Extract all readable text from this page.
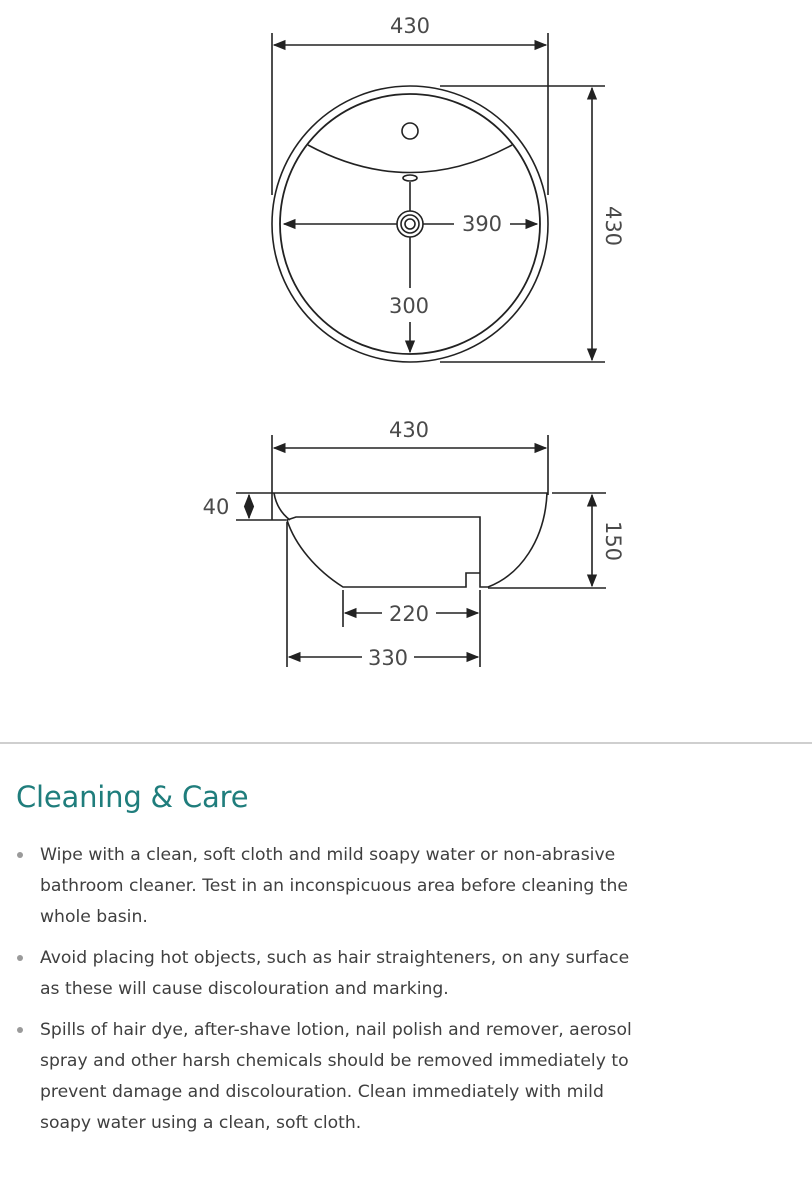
430
390
300
430
430
40
150
220
330
Cleaning & Care
Wipe with a clean, soft cloth and mild soapy water or non-abrasive bathroom cleaner. Test in an inconspicuous area before cleaning the whole basin.
Avoid placing hot objects, such as hair straighteners, on any surface as these will cause discolouration and marking.
Spills of hair dye, after-shave lotion, nail polish and remover, aerosol spray and other harsh chemicals should be removed immediately to prevent damage and discolouration. Clean immediately with mild soapy water using a clean, soft cloth.
